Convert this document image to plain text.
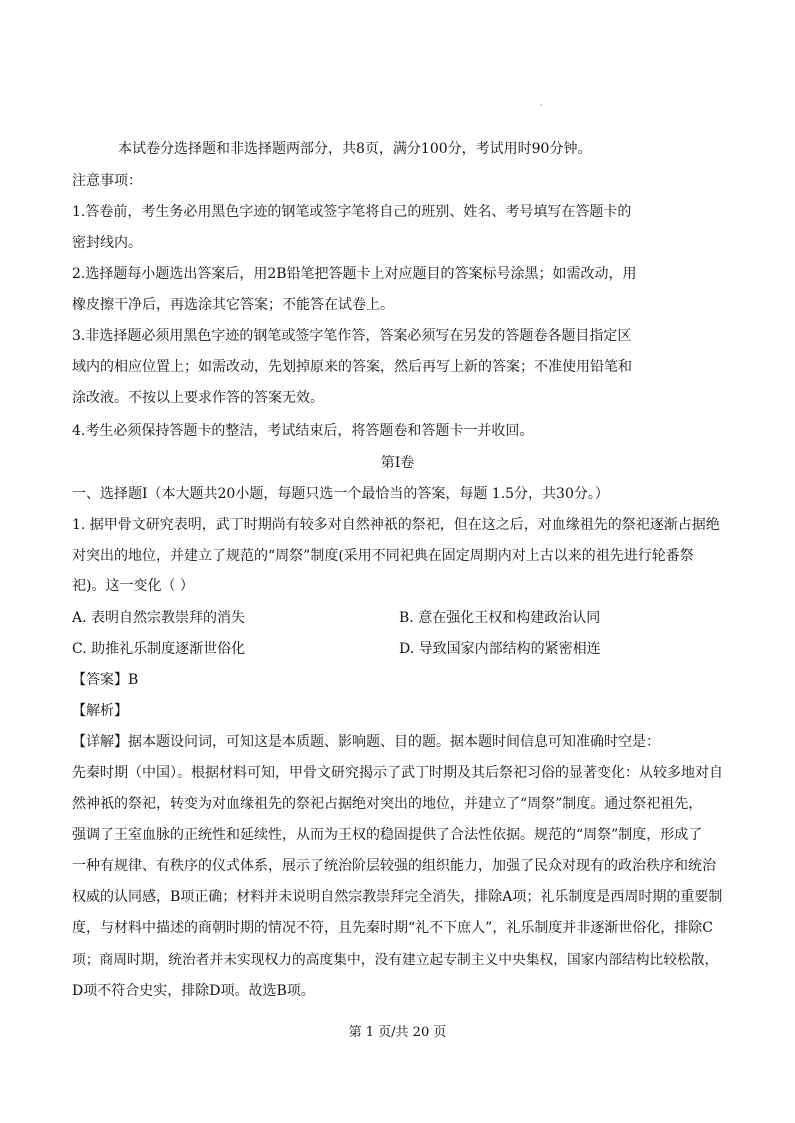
本试卷分选择题和非选择题两部分，共8页，满分100分，考试用时90分钟。
注意事项：
1.答卷前，考生务必用黑色字迹的钢笔或签字笔将自己的班别、姓名、考号填写在答题卡的
密封线内。
2.选择题每小题选出答案后，用2B铅笔把答题卡上对应题目的答案标号涂黑；如需改动，用
橡皮擦干净后，再选涂其它答案；不能答在试卷上。
3.非选择题必须用黑色字迹的钢笔或签字笔作答，答案必须写在另发的答题卷各题目指定区
域内的相应位置上；如需改动，先划掉原来的答案，然后再写上新的答案；不准使用铅笔和
涂改液。不按以上要求作答的答案无效。
4.考生必须保持答题卡的整洁，考试结束后，将答题卷和答题卡一并收回。
第Ⅰ卷
一、选择题Ⅰ（本大题共20小题，每题只选一个最恰当的答案，每题 1.5分，共30分。）
1. 据甲骨文研究表明，武丁时期尚有较多对自然神祇的祭祀，但在这之后，对血缘祖先的祭祀逐渐占据绝
对突出的地位，并建立了规范的“周祭”制度(采用不同祀典在固定周期内对上古以来的祖先进行轮番祭
祀)。这一变化（ ）
A. 表明自然宗教崇拜的消失	B. 意在强化王权和构建政治认同
C. 助推礼乐制度逐渐世俗化	D. 导致国家内部结构的紧密相连
【答案】B
【解析】
【详解】据本题设问词，可知这是本质题、影响题、目的题。据本题时间信息可知准确时空是：
先秦时期（中国）。根据材料可知，甲骨文研究揭示了武丁时期及其后祭祀习俗的显著变化：从较多地对自
然神祇的祭祀，转变为对血缘祖先的祭祀占据绝对突出的地位，并建立了“周祭”制度。通过祭祀祖先，
强调了王室血脉的正统性和延续性，从而为王权的稳固提供了合法性依据。规范的“周祭”制度，形成了
一种有规律、有秩序的仪式体系，展示了统治阶层较强的组织能力，加强了民众对现有的政治秩序和统治
权威的认同感，B项正确；材料并未说明自然宗教崇拜完全消失，排除A项；礼乐制度是西周时期的重要制
度，与材料中描述的商朝时期的情况不符，且先秦时期“礼不下庶人”，礼乐制度并非逐渐世俗化，排除C
项；商周时期，统治者并未实现权力的高度集中，没有建立起专制主义中央集权，国家内部结构比较松散，
D项不符合史实，排除D项。故选B项。
第 1 页/共 20 页
